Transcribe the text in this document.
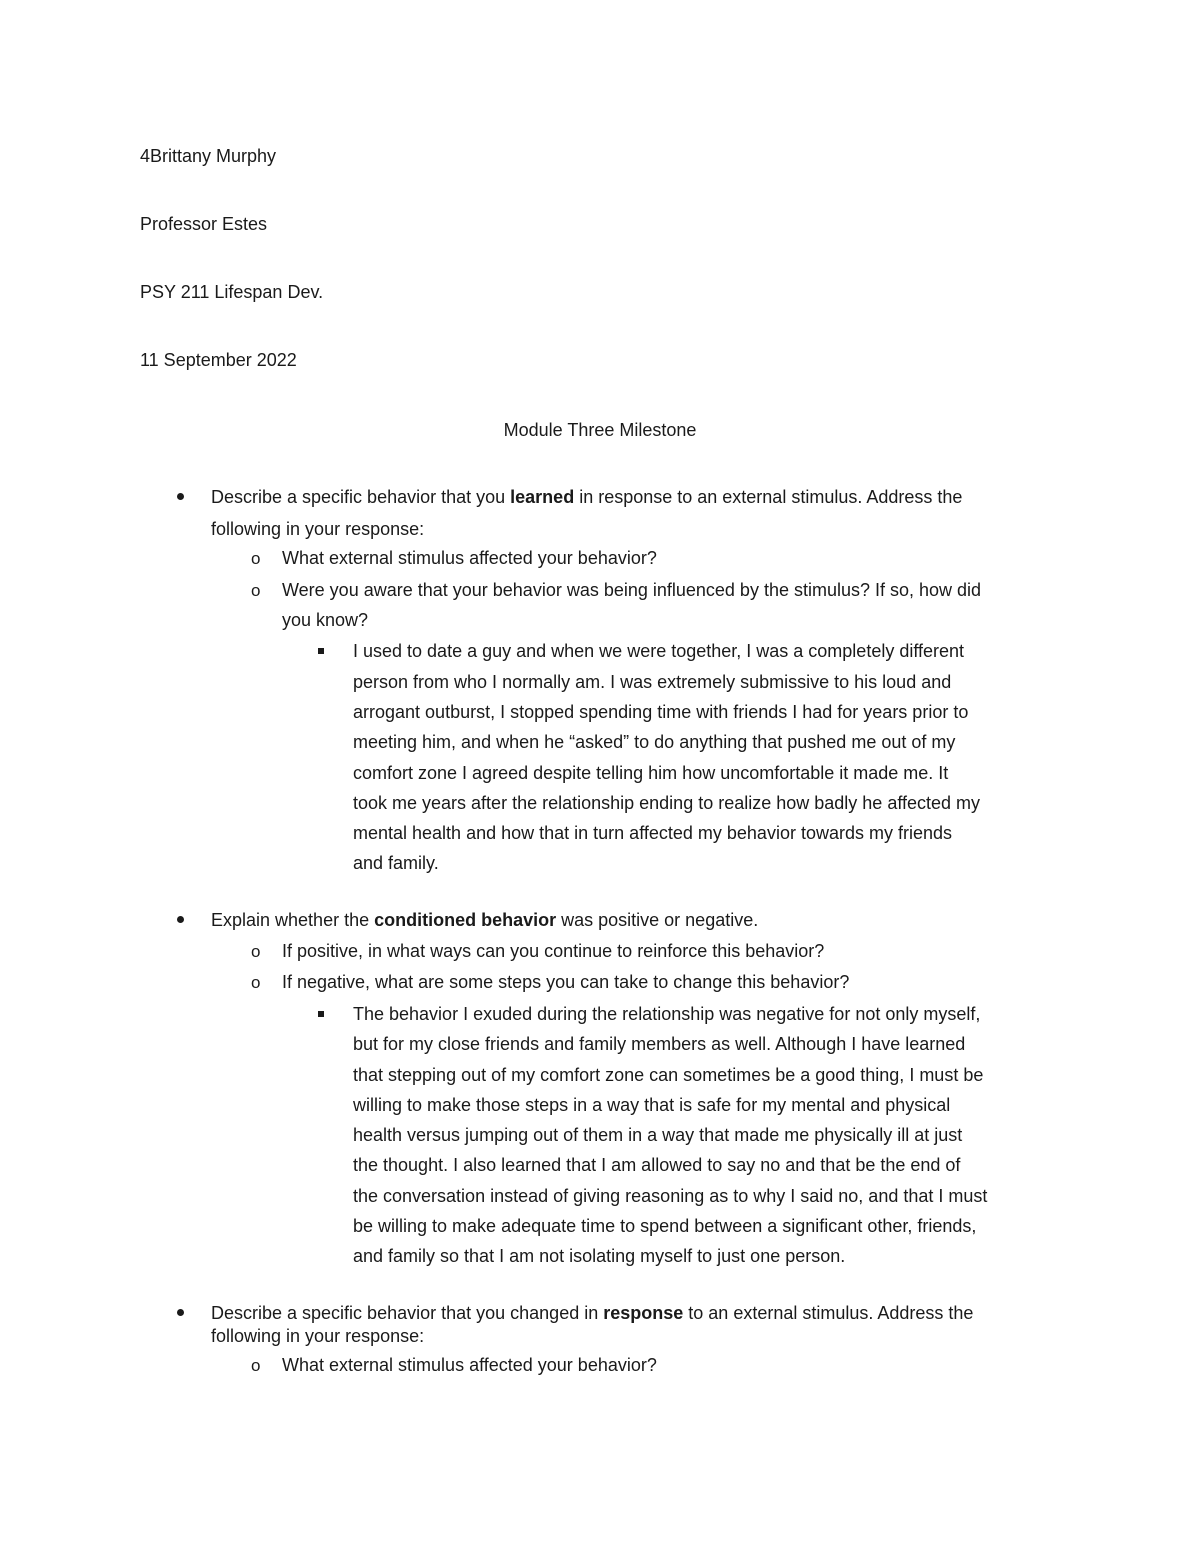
4Brittany Murphy
Professor Estes
PSY 211 Lifespan Dev.
11 September 2022
Module Three Milestone
Describe a specific behavior that you learned in response to an external stimulus. Address the
following in your response:
o What external stimulus affected your behavior?
o Were you aware that your behavior was being influenced by the stimulus? If so, how did
you know?
I used to date a guy and when we were together, I was a completely different
person from who I normally am. I was extremely submissive to his loud and
arrogant outburst, I stopped spending time with friends I had for years prior to
meeting him, and when he “asked” to do anything that pushed me out of my
comfort zone I agreed despite telling him how uncomfortable it made me. It
took me years after the relationship ending to realize how badly he affected my
mental health and how that in turn affected my behavior towards my friends
and family.
Explain whether the conditioned behavior was positive or negative.
o If positive, in what ways can you continue to reinforce this behavior?
o If negative, what are some steps you can take to change this behavior?
The behavior I exuded during the relationship was negative for not only myself,
but for my close friends and family members as well. Although I have learned
that stepping out of my comfort zone can sometimes be a good thing, I must be
willing to make those steps in a way that is safe for my mental and physical
health versus jumping out of them in a way that made me physically ill at just
the thought. I also learned that I am allowed to say no and that be the end of
the conversation instead of giving reasoning as to why I said no, and that I must
be willing to make adequate time to spend between a significant other, friends,
and family so that I am not isolating myself to just one person.
Describe a specific behavior that you changed in response to an external stimulus. Address the
following in your response:
o What external stimulus affected your behavior?
